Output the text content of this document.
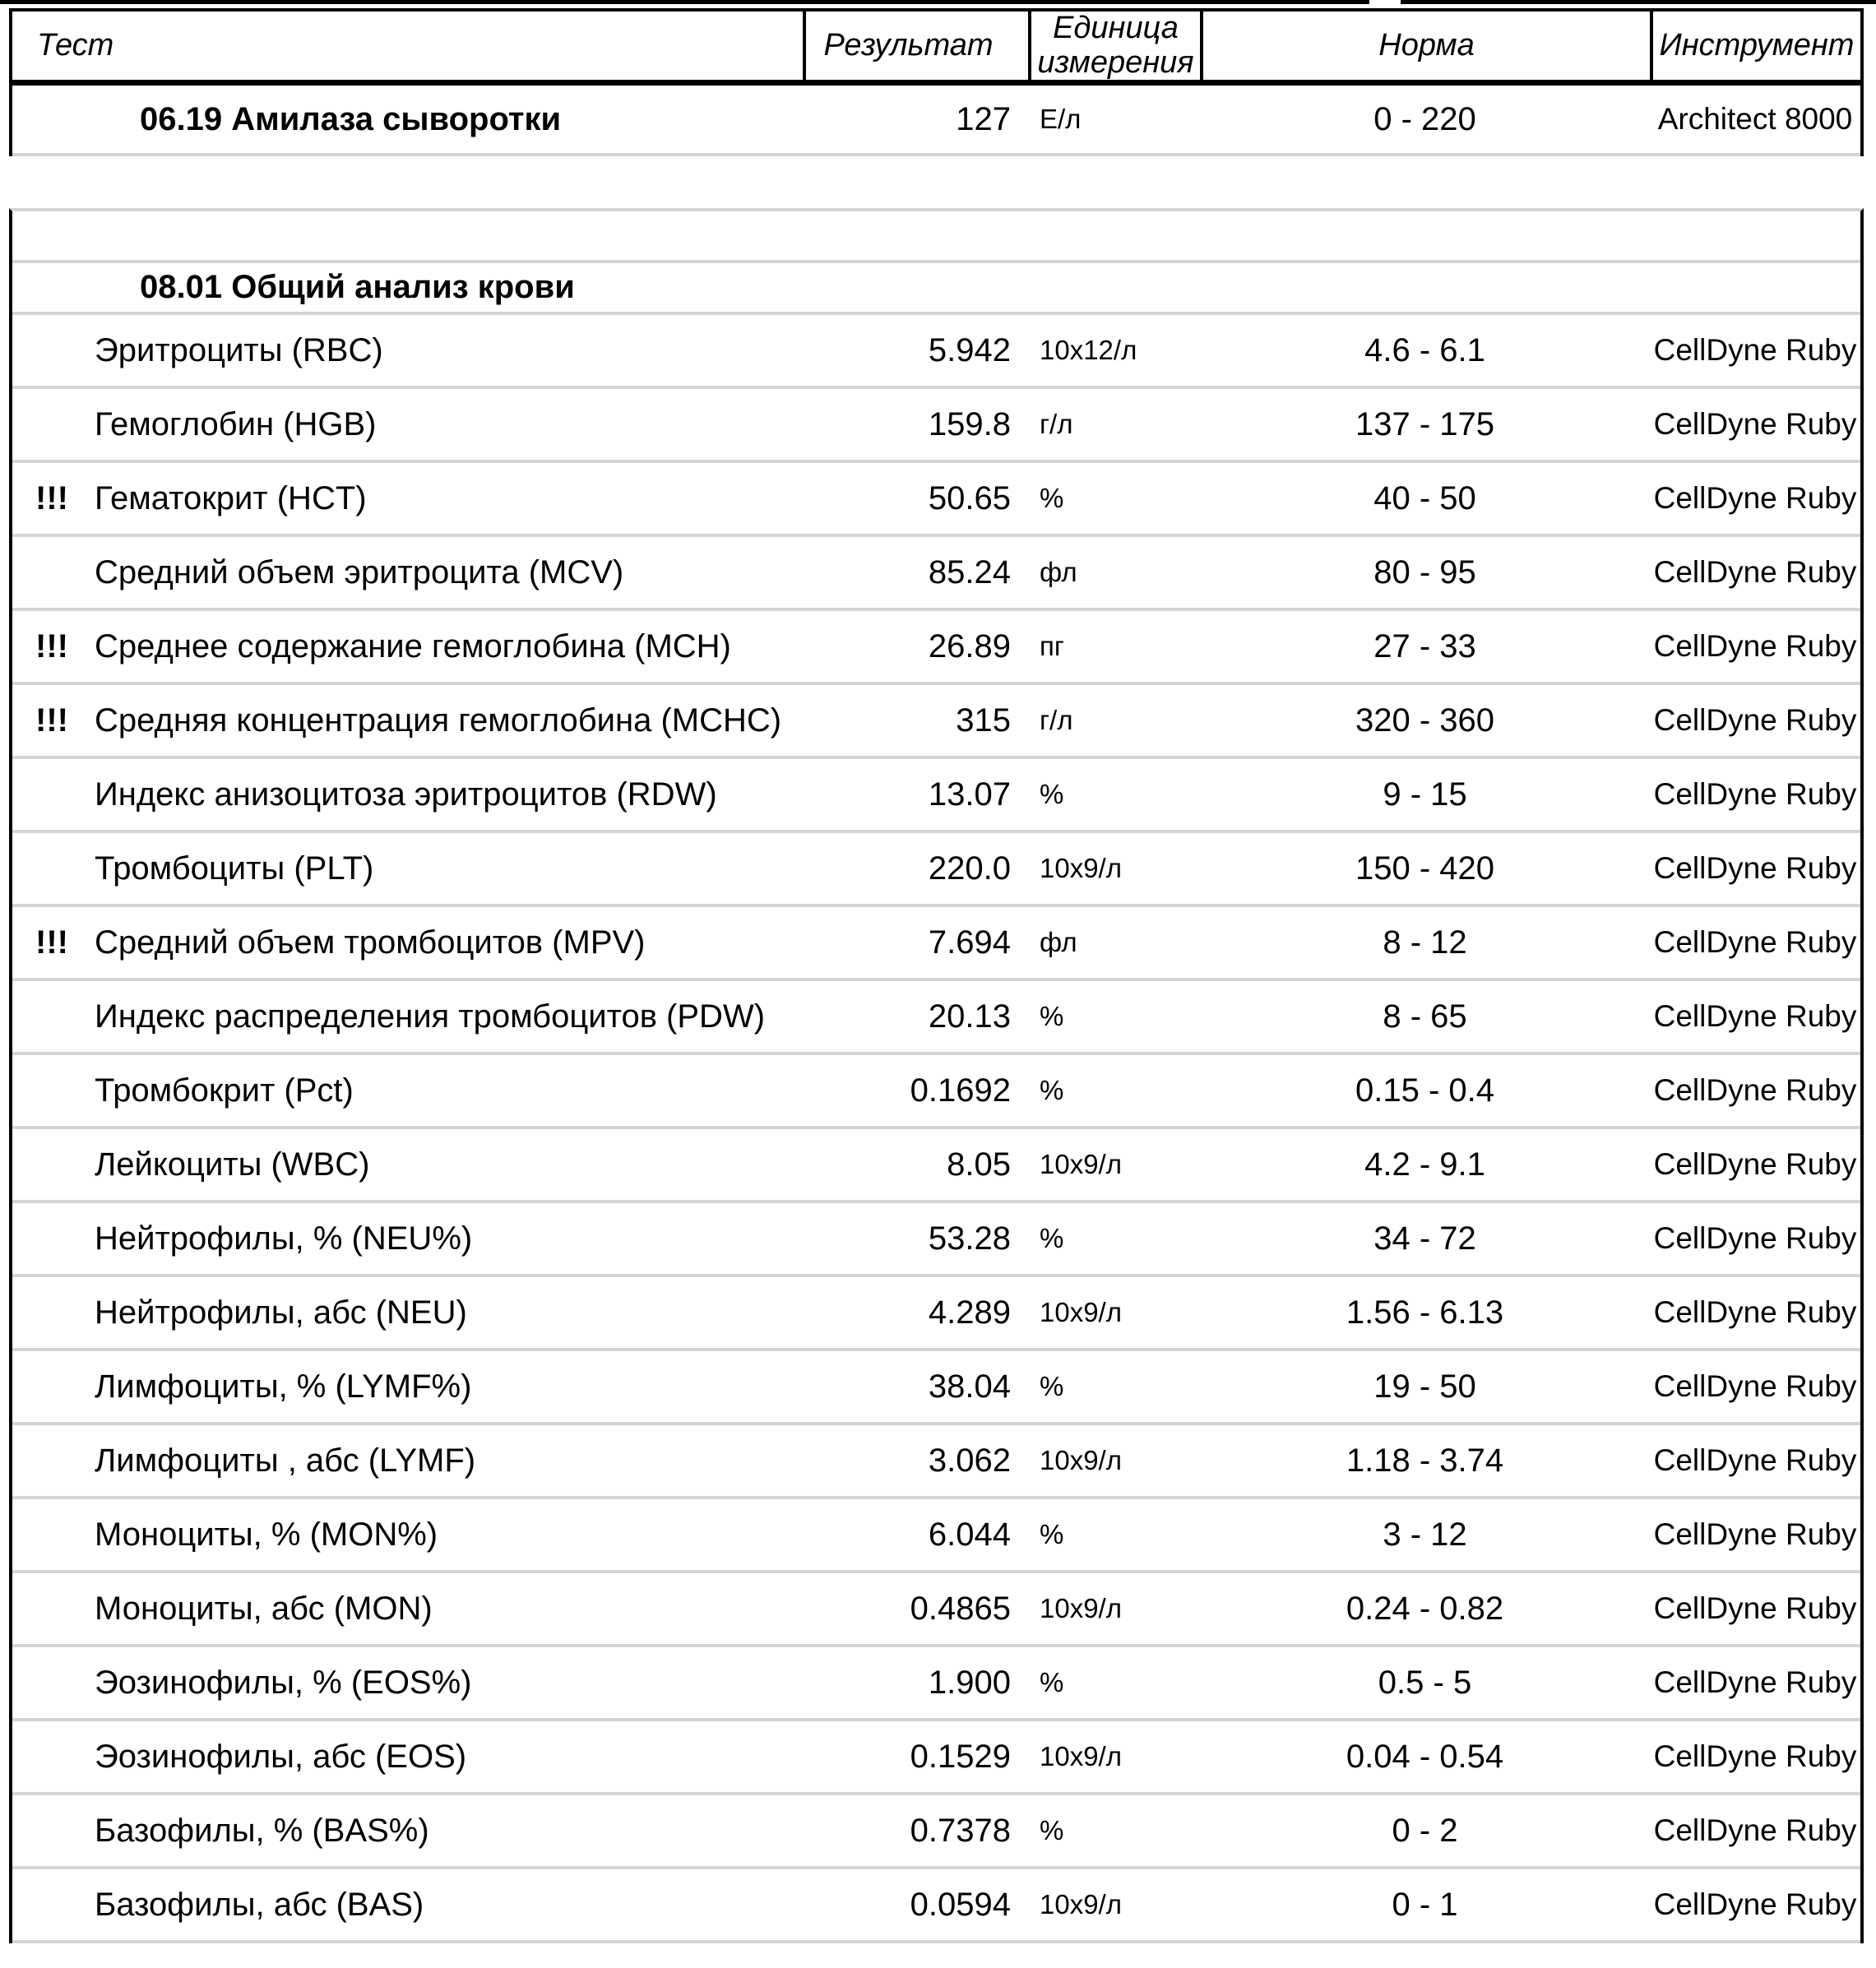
Тест	Результат	Единица измерения	Норма	Инструмент
06.19 Амилаза сыворотки	127	Е/л	0 - 220	Architect 8000
08.01 Общий анализ крови
Эритроциты (RBC)	5.942	10x12/л	4.6 - 6.1	CellDyne Ruby
Гемоглобин (HGB)	159.8	г/л	137 - 175	CellDyne Ruby
!!! Гематокрит (HCT)	50.65	%	40 - 50	CellDyne Ruby
Средний объем эритроцита (MCV)	85.24	фл	80 - 95	CellDyne Ruby
!!! Среднее содержание гемоглобина (MCH)	26.89	пг	27 - 33	CellDyne Ruby
!!! Средняя концентрация гемоглобина (MCHC)	315	г/л	320 - 360	CellDyne Ruby
Индекс анизоцитоза эритроцитов (RDW)	13.07	%	9 - 15	CellDyne Ruby
Тромбоциты (PLT)	220.0	10x9/л	150 - 420	CellDyne Ruby
!!! Средний объем тромбоцитов (MPV)	7.694	фл	8 - 12	CellDyne Ruby
Индекс распределения тромбоцитов (PDW)	20.13	%	8 - 65	CellDyne Ruby
Тромбокрит (Pct)	0.1692	%	0.15 - 0.4	CellDyne Ruby
Лейкоциты (WBC)	8.05	10x9/л	4.2 - 9.1	CellDyne Ruby
Нейтрофилы, % (NEU%)	53.28	%	34 - 72	CellDyne Ruby
Нейтрофилы, абс (NEU)	4.289	10x9/л	1.56 - 6.13	CellDyne Ruby
Лимфоциты, % (LYMF%)	38.04	%	19 - 50	CellDyne Ruby
Лимфоциты , абс (LYMF)	3.062	10x9/л	1.18 - 3.74	CellDyne Ruby
Моноциты, % (MON%)	6.044	%	3 - 12	CellDyne Ruby
Моноциты, абс (MON)	0.4865	10x9/л	0.24 - 0.82	CellDyne Ruby
Эозинофилы, % (EOS%)	1.900	%	0.5 - 5	CellDyne Ruby
Эозинофилы, абс (EOS)	0.1529	10x9/л	0.04 - 0.54	CellDyne Ruby
Базофилы, % (BAS%)	0.7378	%	0 - 2	CellDyne Ruby
Базофилы, абс (BAS)	0.0594	10x9/л	0 - 1	CellDyne Ruby
